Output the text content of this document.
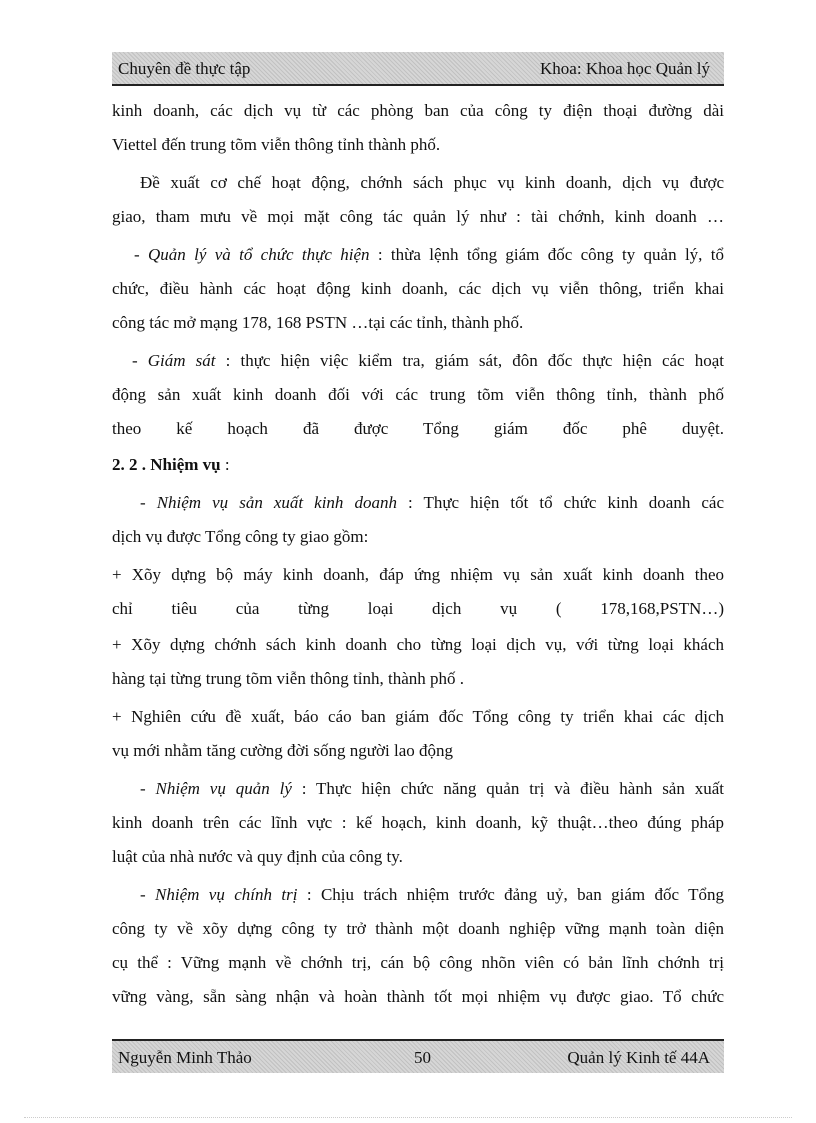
Chuyên đề thực tập	Khoa: Khoa học Quản lý

kinh doanh, các dịch vụ từ các phòng ban của công ty điện thoại đường dài
Viettel đến trung tõm viễn thông tỉnh thành phố.

Đề xuất cơ chế hoạt động, chớnh sách phục vụ kinh doanh, dịch vụ được
giao, tham mưu về mọi mặt công tác quản lý như : tài chớnh, kinh doanh …

- Quản lý và tổ chức thực hiện : thừa lệnh tổng giám đốc công ty quản lý, tổ
chức, điều hành các hoạt động kinh doanh, các dịch vụ viễn thông, triển khai
công tác mở mạng 178, 168 PSTN …tại các tỉnh, thành phố.

- Giám sát : thực hiện việc kiểm tra, giám sát, đôn đốc thực hiện các hoạt
động sản xuất kinh doanh đối với các trung tõm viễn thông tỉnh, thành phố
theo kế hoạch đã được Tổng giám đốc phê duyệt.

2. 2 . Nhiệm vụ :

- Nhiệm vụ sản xuất kinh doanh : Thực hiện tốt tổ chức kinh doanh các
dịch vụ được Tổng công ty giao gồm:

+ Xõy dựng bộ máy kinh doanh, đáp ứng nhiệm vụ sản xuất kinh doanh theo
chỉ tiêu của từng loại dịch vụ ( 178,168,PSTN…)

+ Xõy dựng chớnh sách kinh doanh cho từng loại dịch vụ, với từng loại khách
hàng tại từng trung tõm viễn thông tỉnh, thành phố .

+ Nghiên cứu đề xuất, báo cáo ban giám đốc Tổng công ty triển khai các dịch
vụ mới nhằm tăng cường đời sống người lao động

- Nhiệm vụ quản lý : Thực hiện chức năng quản trị và điều hành sản xuất
kinh doanh trên các lĩnh vực : kế hoạch, kinh doanh, kỹ thuật…theo đúng pháp
luật của nhà nước và quy định của công ty.

- Nhiệm vụ chính trị : Chịu trách nhiệm trước đảng uỷ, ban giám đốc Tổng
công ty về xõy dựng công ty trở thành một doanh nghiệp vững mạnh toàn diện
cụ thể : Vững mạnh về chớnh trị, cán bộ công nhõn viên có bản lĩnh chớnh trị
vững vàng, sẵn sàng nhận và hoàn thành tốt mọi nhiệm vụ được giao. Tổ chức

Nguyễn Minh Thảo	50	Quản lý Kinh tế 44A
